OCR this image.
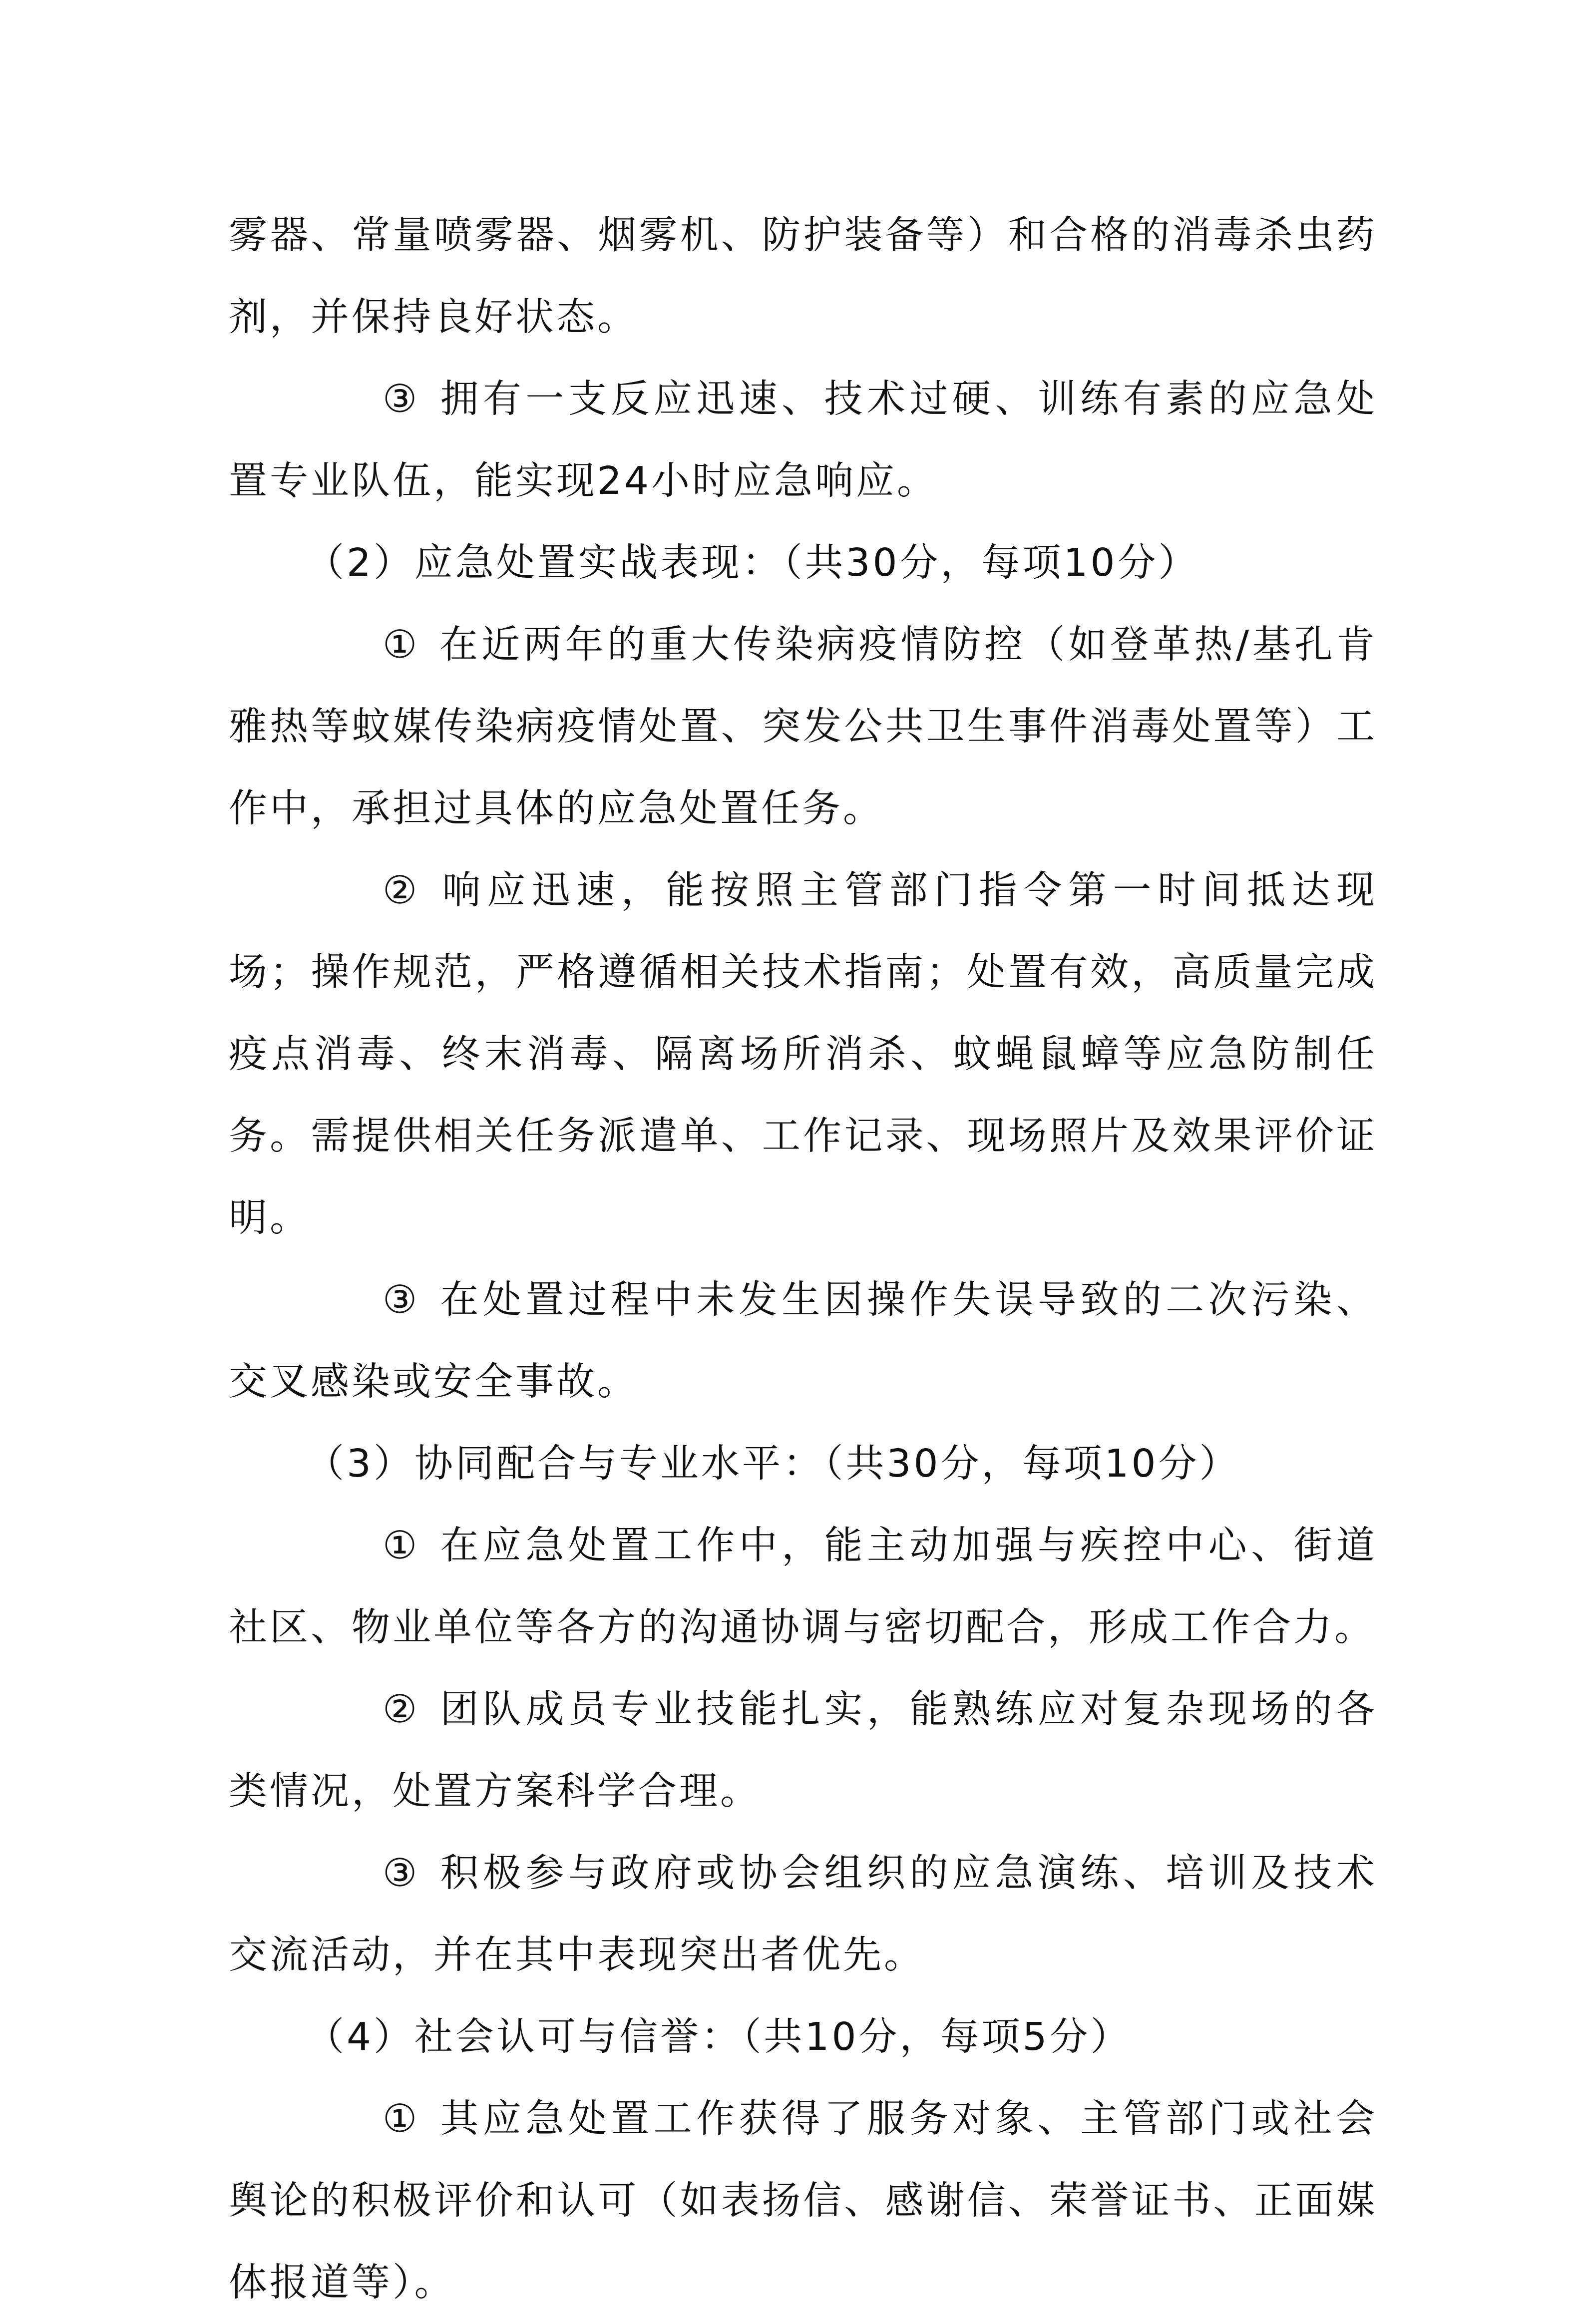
雾器、常量喷雾器、烟雾机、防护装备等）和合格的消毒杀虫药剂，并保持良好状态。

③ 拥有一支反应迅速、技术过硬、训练有素的应急处置专业队伍，能实现24小时应急响应。

（2）应急处置实战表现：（共30分，每项10分）

① 在近两年的重大传染病疫情防控（如登革热/基孔肯雅热等蚊媒传染病疫情处置、突发公共卫生事件消毒处置等）工作中，承担过具体的应急处置任务。

② 响应迅速，能按照主管部门指令第一时间抵达现场；操作规范，严格遵循相关技术指南；处置有效，高质量完成疫点消毒、终末消毒、隔离场所消杀、蚊蝇鼠蟑等应急防制任务。需提供相关任务派遣单、工作记录、现场照片及效果评价证明。

③ 在处置过程中未发生因操作失误导致的二次污染、交叉感染或安全事故。

（3）协同配合与专业水平：（共30分，每项10分）

① 在应急处置工作中，能主动加强与疾控中心、街道社区、物业单位等各方的沟通协调与密切配合，形成工作合力。

② 团队成员专业技能扎实，能熟练应对复杂现场的各类情况，处置方案科学合理。

③ 积极参与政府或协会组织的应急演练、培训及技术交流活动，并在其中表现突出者优先。

（4）社会认可与信誉：（共10分，每项5分）

① 其应急处置工作获得了服务对象、主管部门或社会舆论的积极评价和认可（如表扬信、感谢信、荣誉证书、正面媒体报道等）。
